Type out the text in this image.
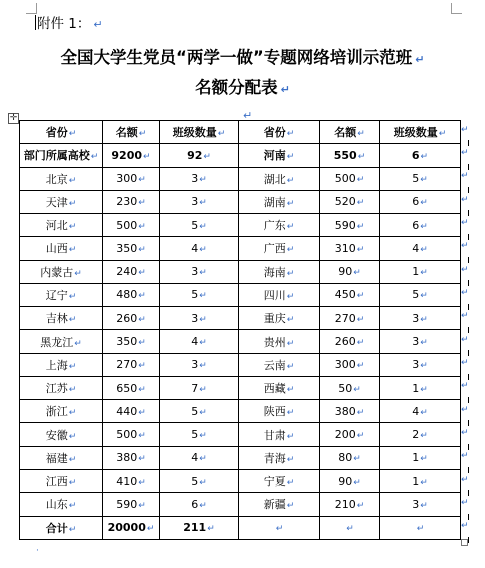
附件 1： ↵
全国大学生党员“两学一做”专题网络培训示范班 ↵
名额分配表 ↵
↵
✛
省份↵	名额↵	班级数量↵	省份↵	名额↵	班级数量↵
部门所属高校↵	9200↵	92↵	河南↵	550↵	6↵
北京↵	300↵	3↵	湖北↵	500↵	5↵
天津↵	230↵	3↵	湖南↵	520↵	6↵
河北↵	500↵	5↵	广东↵	590↵	6↵
山西↵	350↵	4↵	广西↵	310↵	4↵
内蒙古↵	240↵	3↵	海南↵	90↵	1↵
辽宁↵	480↵	5↵	四川↵	450↵	5↵
吉林↵	260↵	3↵	重庆↵	270↵	3↵
黑龙江↵	350↵	4↵	贵州↵	260↵	3↵
上海↵	270↵	3↵	云南↵	300↵	3↵
江苏↵	650↵	7↵	西藏↵	50↵	1↵
浙江↵	440↵	5↵	陕西↵	380↵	4↵
安徽↵	500↵	5↵	甘肃↵	200↵	2↵
福建↵	380↵	4↵	青海↵	80↵	1↵
江西↵	410↵	5↵	宁夏↵	90↵	1↵
山东↵	590↵	6↵	新疆↵	210↵	3↵
合计↵	20000↵	211↵	↵	↵	↵
↵
↵
↵
↵
↵
↵
↵
↵
↵
↵
↵
↵
↵
↵
↵
↵
↵
↵
·
